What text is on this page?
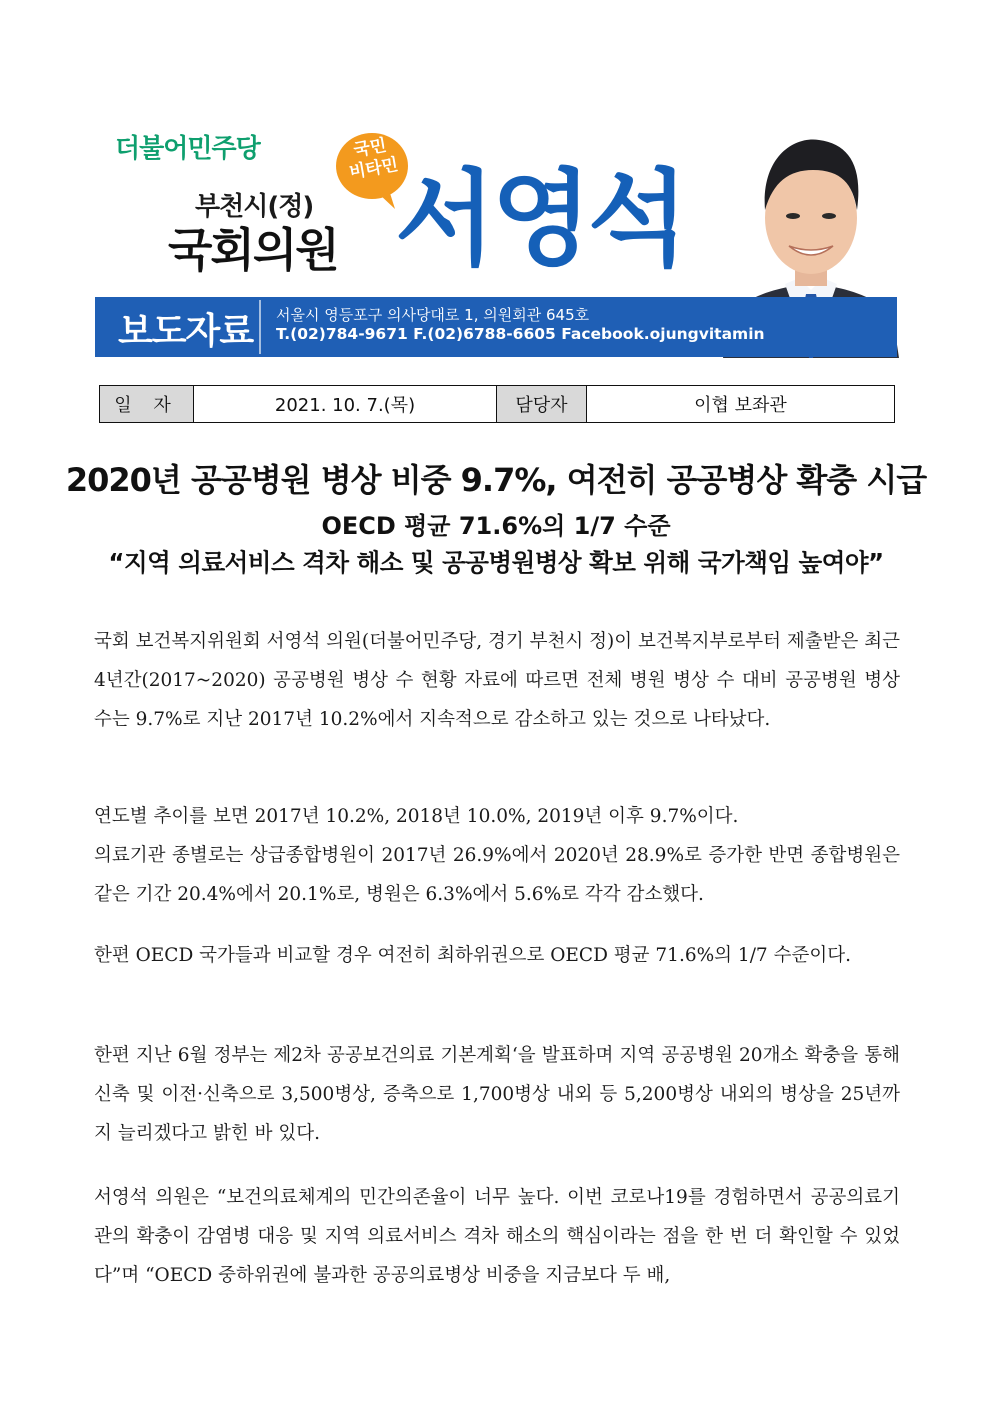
더불어민주당
부천시(정)
국회의원
국민
비타민
서영석
보도자료 서울시 영등포구 의사당대로 1, 의원회관 645호
T.(02)784-9671 F.(02)6788-6605 Facebook.ojungvitamin
일 자	2021. 10. 7.(목)	담당자	이협 보좌관
2020년 공공병원 병상 비중 9.7%, 여전히 공공병상 확충 시급
OECD 평균 71.6%의 1/7 수준
“지역 의료서비스 격차 해소 및 공공병원병상 확보 위해 국가책임 높여야”

국회 보건복지위원회 서영석 의원(더불어민주당, 경기 부천시 정)이 보건복지부로부터 제출받은 최근 4년간(2017~2020) 공공병원 병상 수 현황 자료에 따르면 전체 병원 병상 수 대비 공공병원 병상 수는 9.7%로 지난 2017년 10.2%에서 지속적으로 감소하고 있는 것으로 나타났다.

연도별 추이를 보면 2017년 10.2%, 2018년 10.0%, 2019년 이후 9.7%이다.

의료기관 종별로는 상급종합병원이 2017년 26.9%에서 2020년 28.9%로 증가한 반면 종합병원은 같은 기간 20.4%에서 20.1%로, 병원은 6.3%에서 5.6%로 각각 감소했다.

한편 OECD 국가들과 비교할 경우 여전히 최하위권으로 OECD 평균 71.6%의 1/7 수준이다.

한편 지난 6월 정부는 제2차 공공보건의료 기본계획‘을 발표하며 지역 공공병원 20개소 확충을 통해 신축 및 이전·신축으로 3,500병상, 증축으로 1,700병상 내외 등 5,200병상 내외의 병상을 25년까지 늘리겠다고 밝힌 바 있다.

서영석 의원은 “보건의료체계의 민간의존율이 너무 높다. 이번 코로나19를 경험하면서 공공의료기관의 확충이 감염병 대응 및 지역 의료서비스 격차 해소의 핵심이라는 점을 한 번 더 확인할 수 있었다”며 “OECD 중하위권에 불과한 공공의료병상 비중을 지금보다 두 배,
